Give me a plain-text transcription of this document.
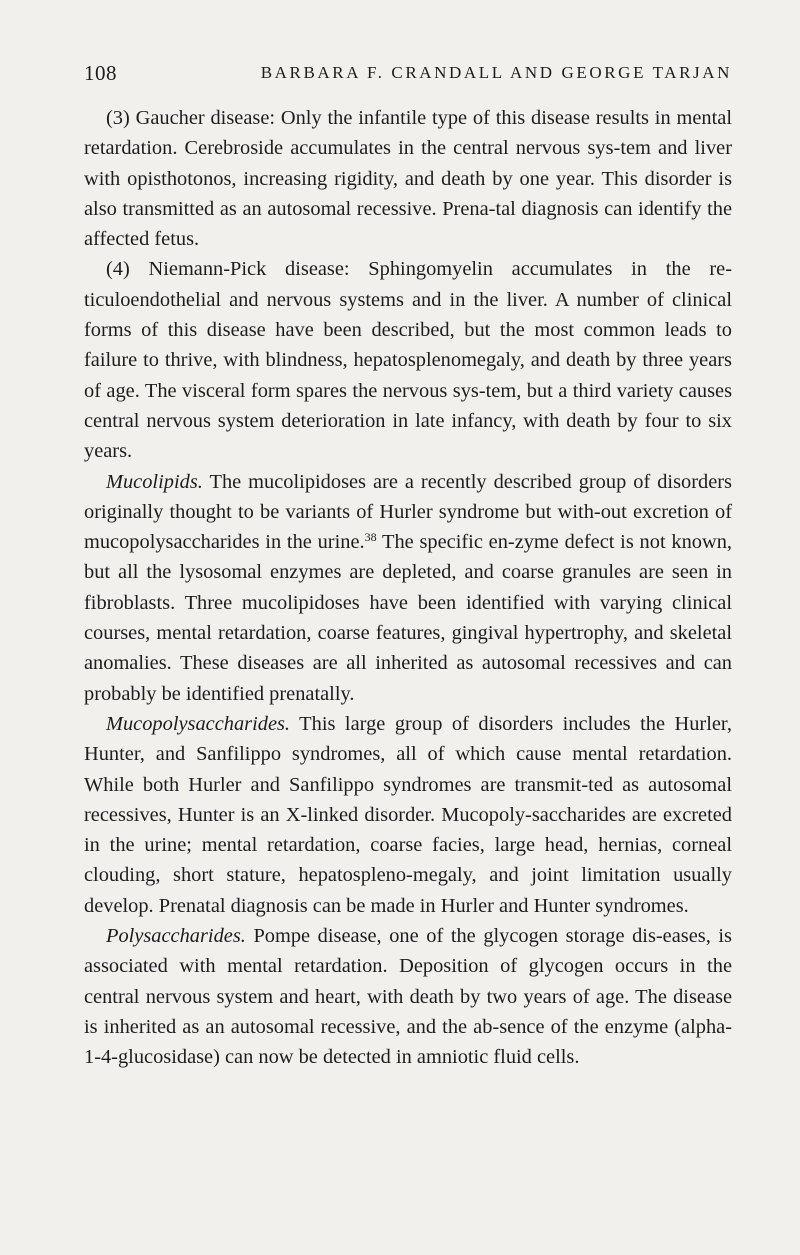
108	BARBARA F. CRANDALL AND GEORGE TARJAN

(3) Gaucher disease: Only the infantile type of this disease results in mental retardation. Cerebroside accumulates in the central nervous sys-tem and liver with opisthotonos, increasing rigidity, and death by one year. This disorder is also transmitted as an autosomal recessive. Prena-tal diagnosis can identify the affected fetus.

(4) Niemann-Pick disease: Sphingomyelin accumulates in the re-ticuloendothelial and nervous systems and in the liver. A number of clinical forms of this disease have been described, but the most common leads to failure to thrive, with blindness, hepatosplenomegaly, and death by three years of age. The visceral form spares the nervous sys-tem, but a third variety causes central nervous system deterioration in late infancy, with death by four to six years.

Mucolipids. The mucolipidoses are a recently described group of disorders originally thought to be variants of Hurler syndrome but with-out excretion of mucopolysaccharides in the urine.$^{38}$ The specific en-zyme defect is not known, but all the lysosomal enzymes are depleted, and coarse granules are seen in fibroblasts. Three mucolipidoses have been identified with varying clinical courses, mental retardation, coarse features, gingival hypertrophy, and skeletal anomalies. These diseases are all inherited as autosomal recessives and can probably be identified prenatally.

Mucopolysaccharides. This large group of disorders includes the Hurler, Hunter, and Sanfilippo syndromes, all of which cause mental retardation. While both Hurler and Sanfilippo syndromes are transmit-ted as autosomal recessives, Hunter is an X-linked disorder. Mucopoly-saccharides are excreted in the urine; mental retardation, coarse facies, large head, hernias, corneal clouding, short stature, hepatospleno-megaly, and joint limitation usually develop. Prenatal diagnosis can be made in Hurler and Hunter syndromes.

Polysaccharides. Pompe disease, one of the glycogen storage dis-eases, is associated with mental retardation. Deposition of glycogen occurs in the central nervous system and heart, with death by two years of age. The disease is inherited as an autosomal recessive, and the ab-sence of the enzyme (alpha-1-4-glucosidase) can now be detected in amniotic fluid cells.
